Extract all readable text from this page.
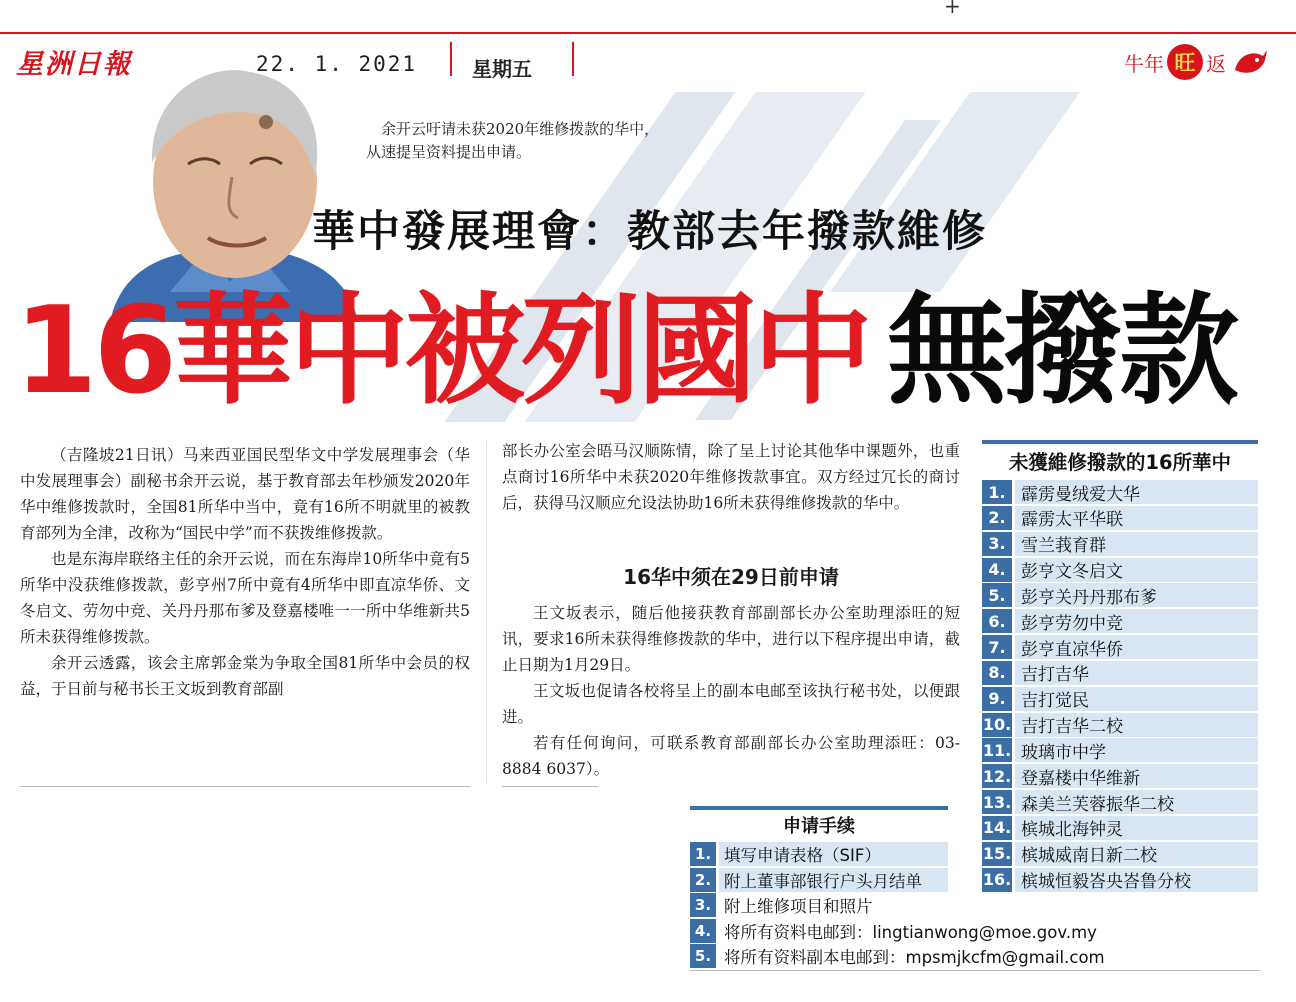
+
星洲日報	22. 1. 2021	星期五	牛年 旺 返
余开云吁请未获2020年维修拨款的华中，
从速提呈资料提出申请。
華中發展理會：教部去年撥款維修
16華中被列國中 無撥款

（吉隆坡21日讯）马来西亚国民型华文中学发展理事会（华中发展理事会）副秘书余开云说，基于教育部去年杪颁发2020年华中维修拨款时，全国81所华中当中，竟有16所不明就里的被教育部列为全津，改称为“国民中学”而不获拨维修拨款。

也是东海岸联络主任的余开云说，而在东海岸10所华中竟有5所华中没获维修拨款，彭亨州7所中竟有4所华中即直凉华侨、文冬启文、劳勿中竞、关丹丹那布爹及登嘉楼唯一一所中华维新共5所未获得维修拨款。

余开云透露，该会主席郭金棠为争取全国81所华中会员的权益，于日前与秘书长王文坂到教育部副

部长办公室会晤马汉顺陈情，除了呈上讨论其他华中课题外，也重点商讨16所华中未获2020年维修拨款事宜。双方经过冗长的商讨后，获得马汉顺应允设法协助16所未获得维修拨款的华中。

16华中须在29日前申请

王文坂表示，随后他接获教育部副部长办公室助理添旺的短讯，要求16所未获得维修拨款的华中，进行以下程序提出申请，截止日期为1月29日。

王文坂也促请各校将呈上的副本电邮至该执行秘书处，以便跟进。

若有任何询问，可联系教育部副部长办公室助理添旺：03-8884 6037）。

未獲維修撥款的16所華中
1. 霹雳曼绒爱大华
2. 霹雳太平华联
3. 雪兰莪育群
4. 彭亨文冬启文
5. 彭亨关丹丹那布爹
6. 彭亨劳勿中竞
7. 彭亨直凉华侨
8. 吉打吉华
9. 吉打觉民
10. 吉打吉华二校
11. 玻璃市中学
12. 登嘉楼中华维新
13. 森美兰芙蓉振华二校
14. 槟城北海钟灵
15. 槟城威南日新二校
16. 槟城恒毅峇央峇鲁分校
申请手续
1. 填写申请表格（SIF）
2. 附上董事部银行户头月结单
3. 附上维修项目和照片
4. 将所有资料电邮到：lingtianwong@moe.gov.my
5. 将所有资料副本电邮到：mpsmjkcfm@gmail.com
